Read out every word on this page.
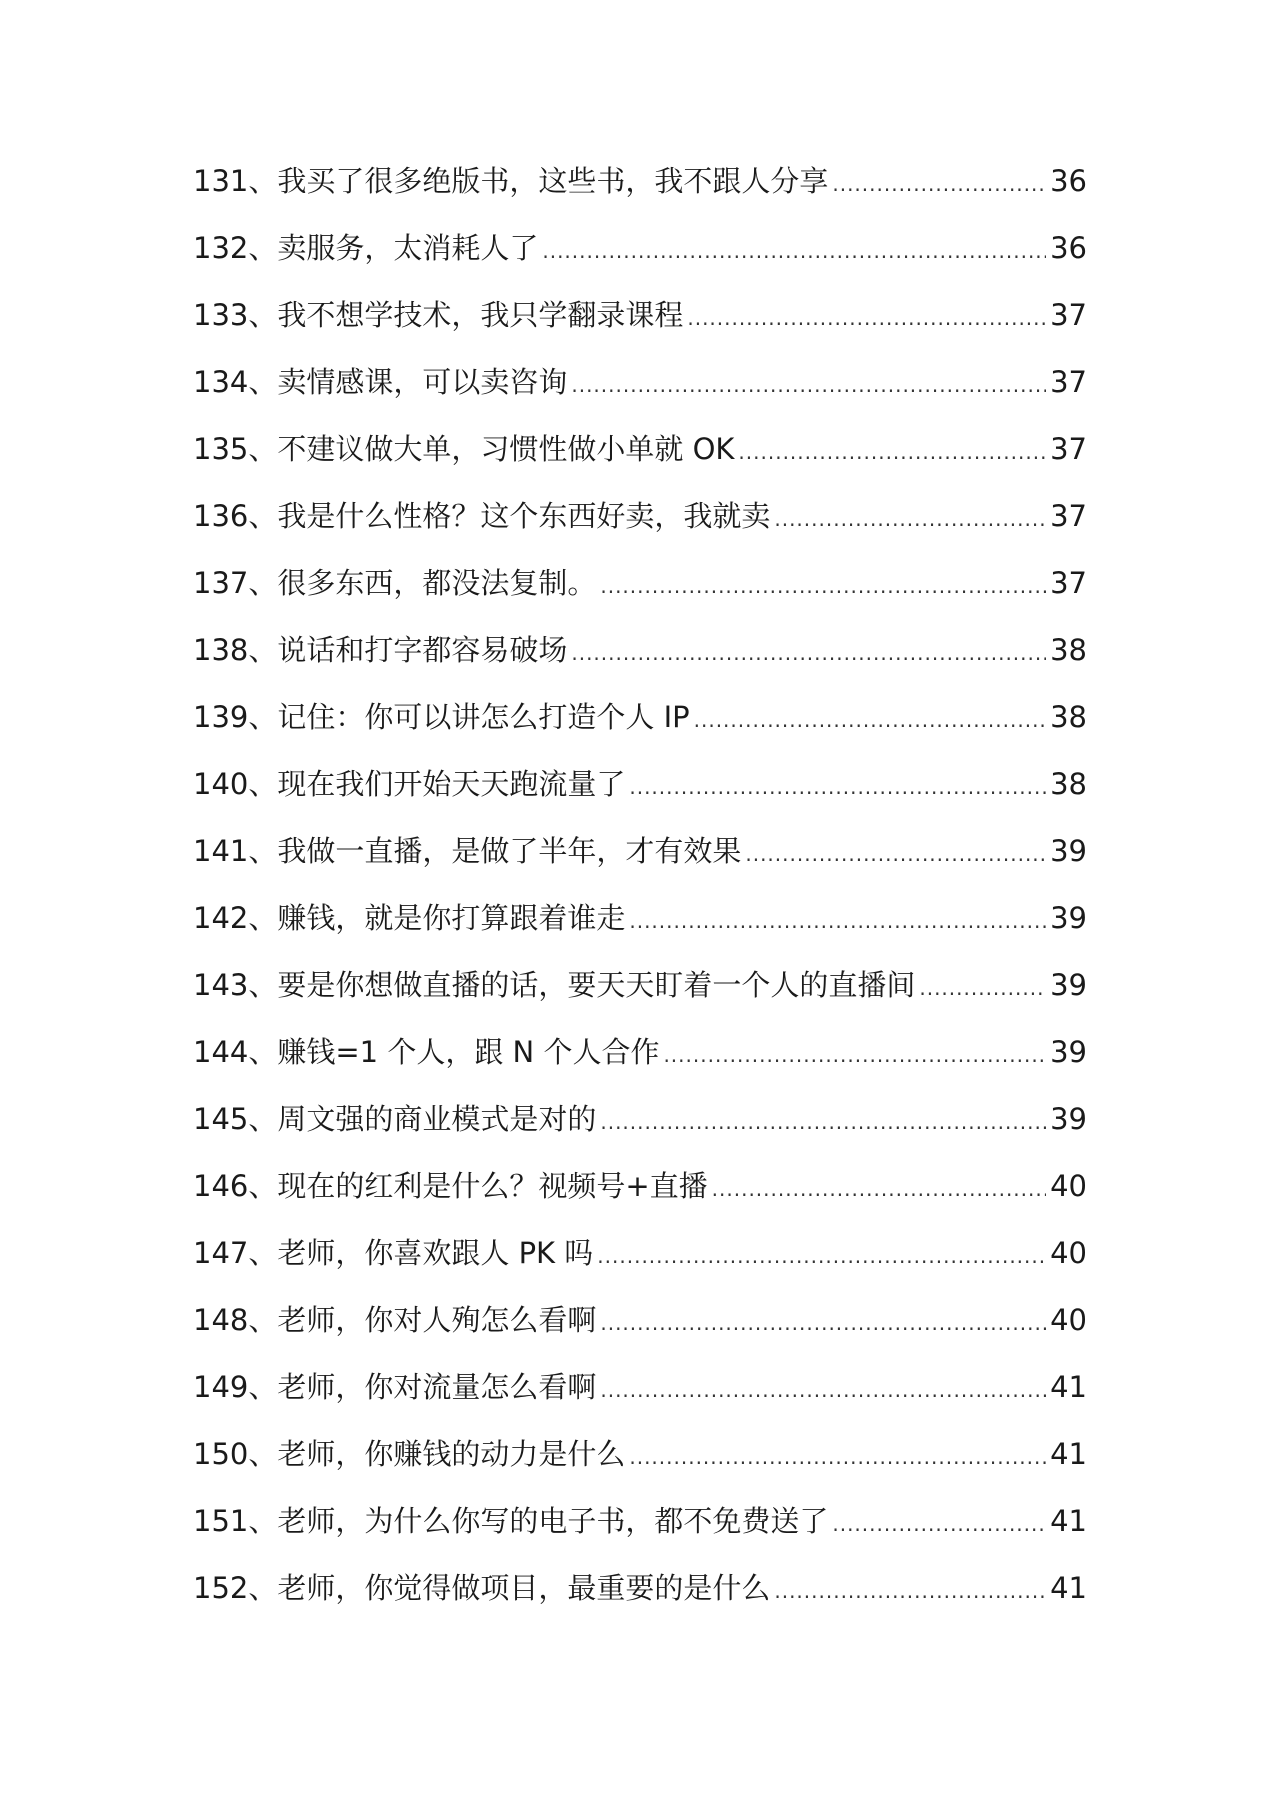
131、我买了很多绝版书，这些书，我不跟人分享 .....	36
132、卖服务，太消耗人了 .....	36
133、我不想学技术，我只学翻录课程 .....	37
134、卖情感课，可以卖咨询 .....	37
135、不建议做大单，习惯性做小单就 OK .....	37
136、我是什么性格？这个东西好卖，我就卖 .....	37
137、很多东西，都没法复制。 .....	37
138、说话和打字都容易破场 .....	38
139、记住：你可以讲怎么打造个人 IP .....	38
140、现在我们开始天天跑流量了 .....	38
141、我做一直播，是做了半年，才有效果 .....	39
142、赚钱，就是你打算跟着谁走 .....	39
143、要是你想做直播的话，要天天盯着一个人的直播间 .....	39
144、赚钱=1 个人，跟 N 个人合作 .....	39
145、周文强的商业模式是对的 .....	39
146、现在的红利是什么？视频号+直播 .....	40
147、老师，你喜欢跟人 PK 吗 .....	40
148、老师，你对人殉怎么看啊 .....	40
149、老师，你对流量怎么看啊 .....	41
150、老师，你赚钱的动力是什么 .....	41
151、老师，为什么你写的电子书，都不免费送了 .....	41
152、老师，你觉得做项目，最重要的是什么 .....	41
